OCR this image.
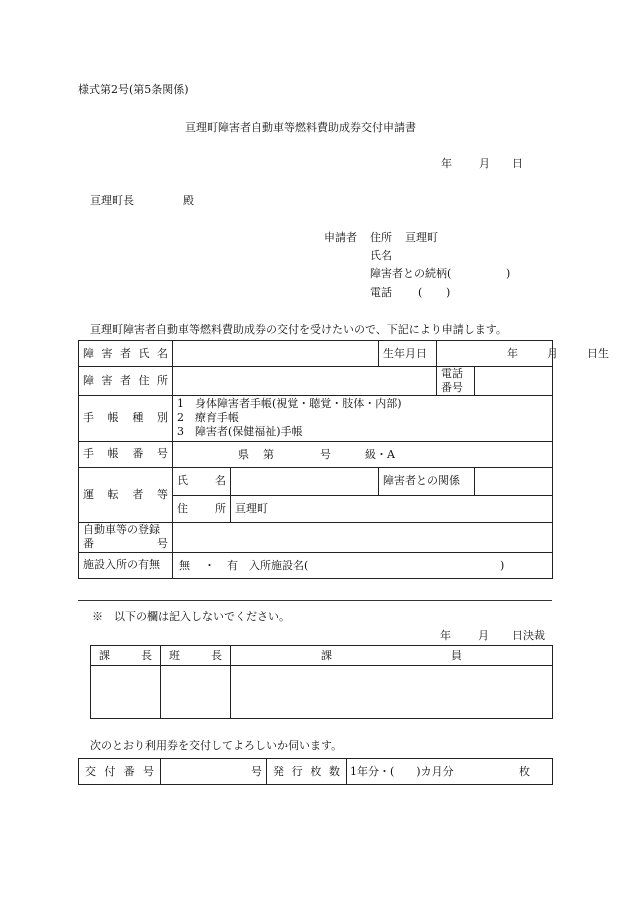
様式第2号(第5条関係)
亘理町障害者自動車等燃料費助成券交付申請書
年 月 日
亘理町長	殿
申請者 住所 亘理町
氏名
障害者との続柄(	)
電話 ( )
亘理町障害者自動車等燃料費助成券の交付を受けたいので、下記により申請します。
障害者氏名			生年月日	年 月 日生	

障害者住所				電話番号	

手帳種別	1　身体障害者手帳(視覚・聴覚・肢体・内部)
2　療育手帳
3　障害者(保健福祉)手帳				

手帳番号	県 第 号 級・A				

運転者等	氏名		障害者との関係		

	住所	亘理町			

自動車等の登録
番号					

施設入所の有無	無 ・ 有 入所施設名( )				
※　以下の欄は記入しないでください。
年 月 日決裁
課長	班長	課員

次のとおり利用券を交付してよろしいか伺います。
交付番号	号	発行枚数	1年分・(　　)カ月分	枚
